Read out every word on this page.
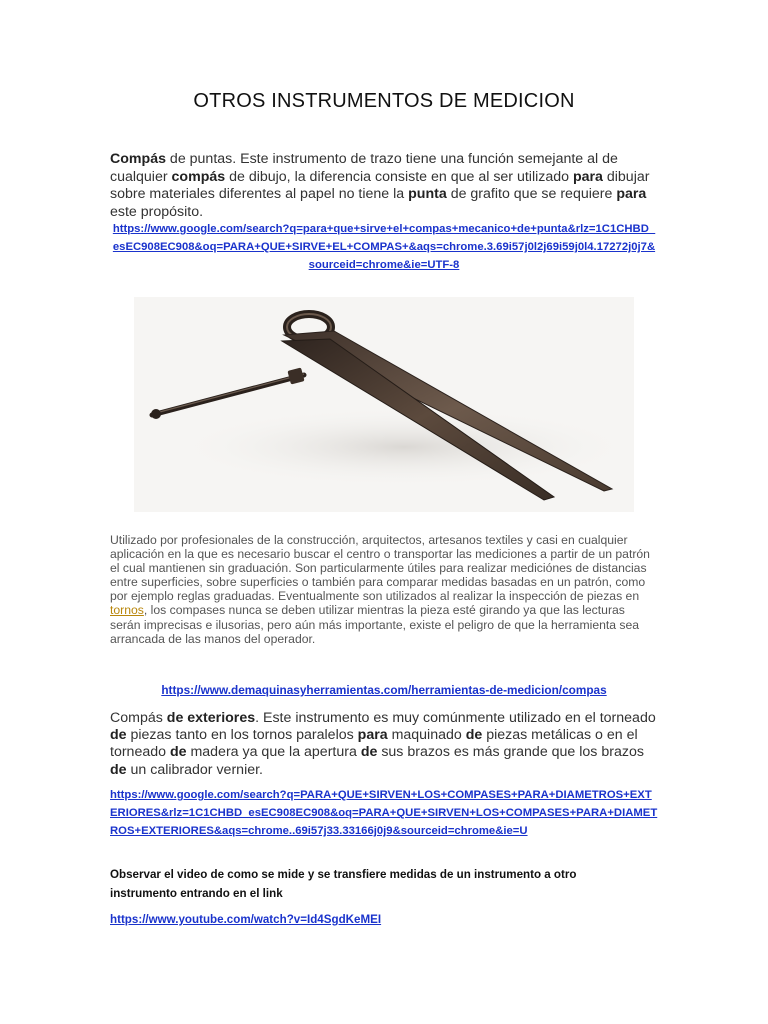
OTROS INSTRUMENTOS DE MEDICION

Compás de puntas. Este instrumento de trazo tiene una función semejante al de cualquier compás de dibujo, la diferencia consiste en que al ser utilizado para dibujar sobre materiales diferentes al papel no tiene la punta de grafito que se requiere para este propósito.

https://www.google.com/search?q=para+que+sirve+el+compas+mecanico+de+punta&rlz=1C1CHBD_esEC908EC908&oq=PARA+QUE+SIRVE+EL+COMPAS+&aqs=chrome.3.69i57j0l2j69i59j0l4.17272j0j7&sourceid=chrome&ie=UTF-8

Utilizado por profesionales de la construcción, arquitectos, artesanos textiles y casi en cualquier aplicación en la que es necesario buscar el centro o transportar las mediciones a partir de un patrón el cual mantienen sin graduación. Son particularmente útiles para realizar mediciónes de distancias entre superficies, sobre superficies o también para comparar medidas basadas en un patrón, como por ejemplo reglas graduadas. Eventualmente son utilizados al realizar la inspección de piezas en tornos, los compases nunca se deben utilizar mientras la pieza esté girando ya que las lecturas serán imprecisas e ilusorias, pero aún más importante, existe el peligro de que la herramienta sea arrancada de las manos del operador.

https://www.demaquinasyherramientas.com/herramientas-de-medicion/compas

Compás de exteriores. Este instrumento es muy comúnmente utilizado en el torneado de piezas tanto en los tornos paralelos para maquinado de piezas metálicas o en el torneado de madera ya que la apertura de sus brazos es más grande que los brazos de un calibrador vernier.

https://www.google.com/search?q=PARA+QUE+SIRVEN+LOS+COMPASES+PARA+DIAMETROS+EXTERIORES&rlz=1C1CHBD_esEC908EC908&oq=PARA+QUE+SIRVEN+LOS+COMPASES+PARA+DIAMETROS+EXTERIORES&aqs=chrome..69i57j33.33166j0j9&sourceid=chrome&ie=U

Observar el video de como se mide y se transfiere medidas de un instrumento a otro instrumento entrando en el link

https://www.youtube.com/watch?v=Id4SgdKeMEI
